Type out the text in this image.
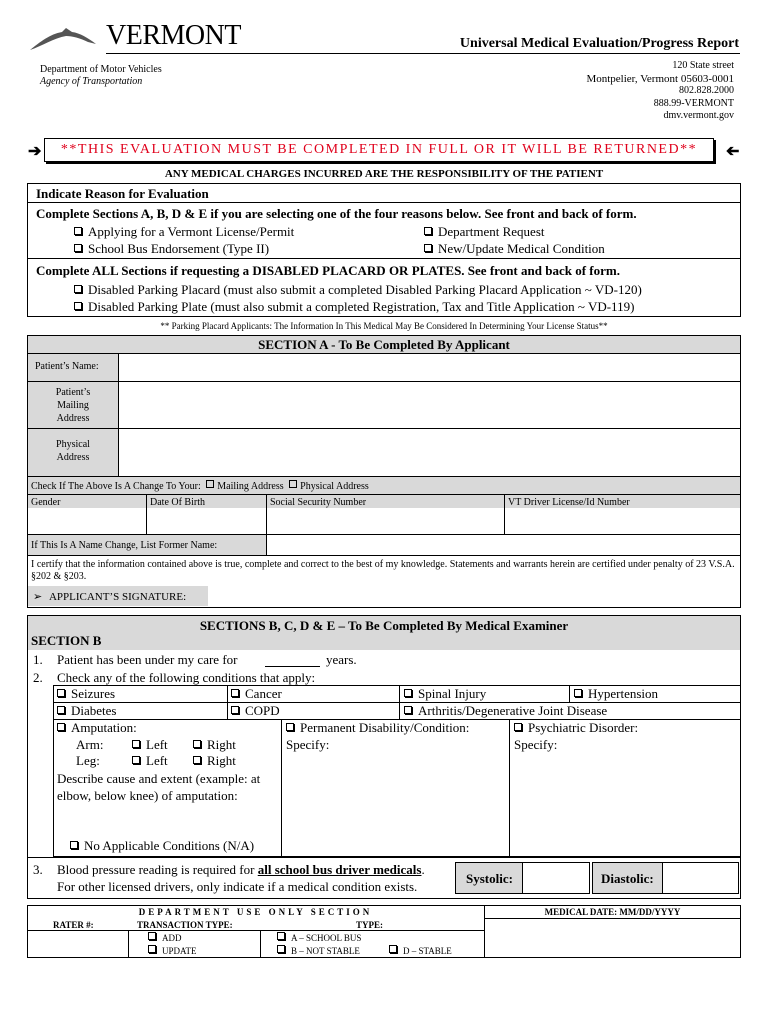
VERMONT	Universal Medical Evaluation/Progress Report
Department of Motor Vehicles
Agency of Transportation
120 State street
Montpelier, Vermont 05603-0001
802.828.2000
888.99-VERMONT
dmv.vermont.gov
➔	**THIS EVALUATION MUST BE COMPLETED IN FULL OR IT WILL BE RETURNED**	➔
ANY MEDICAL CHARGES INCURRED ARE THE RESPONSIBILITY OF THE PATIENT
Indicate Reason for Evaluation
Complete Sections A, B, D & E if you are selecting one of the four reasons below. See front and back of form.
Applying for a Vermont License/Permit
School Bus Endorsement (Type II)
Department Request
New/Update Medical Condition
Complete ALL Sections if requesting a DISABLED PLACARD OR PLATES. See front and back of form.
Disabled Parking Placard (must also submit a completed Disabled Parking Placard Application ~ VD-120)
Disabled Parking Plate (must also submit a completed Registration, Tax and Title Application ~ VD-119)
** Parking Placard Applicants: The Information In This Medical May Be Considered In Determining Your License Status**
SECTION A - To Be Completed By Applicant
Patient’s Name:
Patient’s
Mailing
Address
Physical
Address
Check If The Above Is A Change To Your: Mailing Address Physical Address
Gender	Date Of Birth	Social Security Number	VT Driver License/Id Number
If This Is A Name Change, List Former Name:
I certify that the information contained above is true, complete and correct to the best of my knowledge. Statements and warrants herein are certified under penalty of 23 V.S.A. §202 & §203.
➢ APPLICANT’S SIGNATURE:
SECTIONS B, C, D & E – To Be Completed By Medical Examiner
SECTION B
1. Patient has been under my care for	years.
2. Check any of the following conditions that apply:
Seizures	Cancer	Spinal Injury	Hypertension
Diabetes	COPD	Arthritis/Degenerative Joint Disease
Amputation:
Arm:	Left	Right
Leg:	Left	Right
Describe cause and extent (example: at elbow, below knee) of amputation:
No Applicable Conditions (N/A)
Permanent Disability/Condition:
Specify:
Psychiatric Disorder:
Specify:
3. Blood pressure reading is required for all school bus driver medicals.
For other licensed drivers, only indicate if a medical condition exists.
Systolic:	Diastolic:
DEPARTMENT USE ONLY SECTION	MEDICAL DATE: MM/DD/YYYY
RATER #:	TRANSACTION TYPE:	TYPE:
ADD
UPDATE
A – SCHOOL BUS
B – NOT STABLE	D – STABLE
